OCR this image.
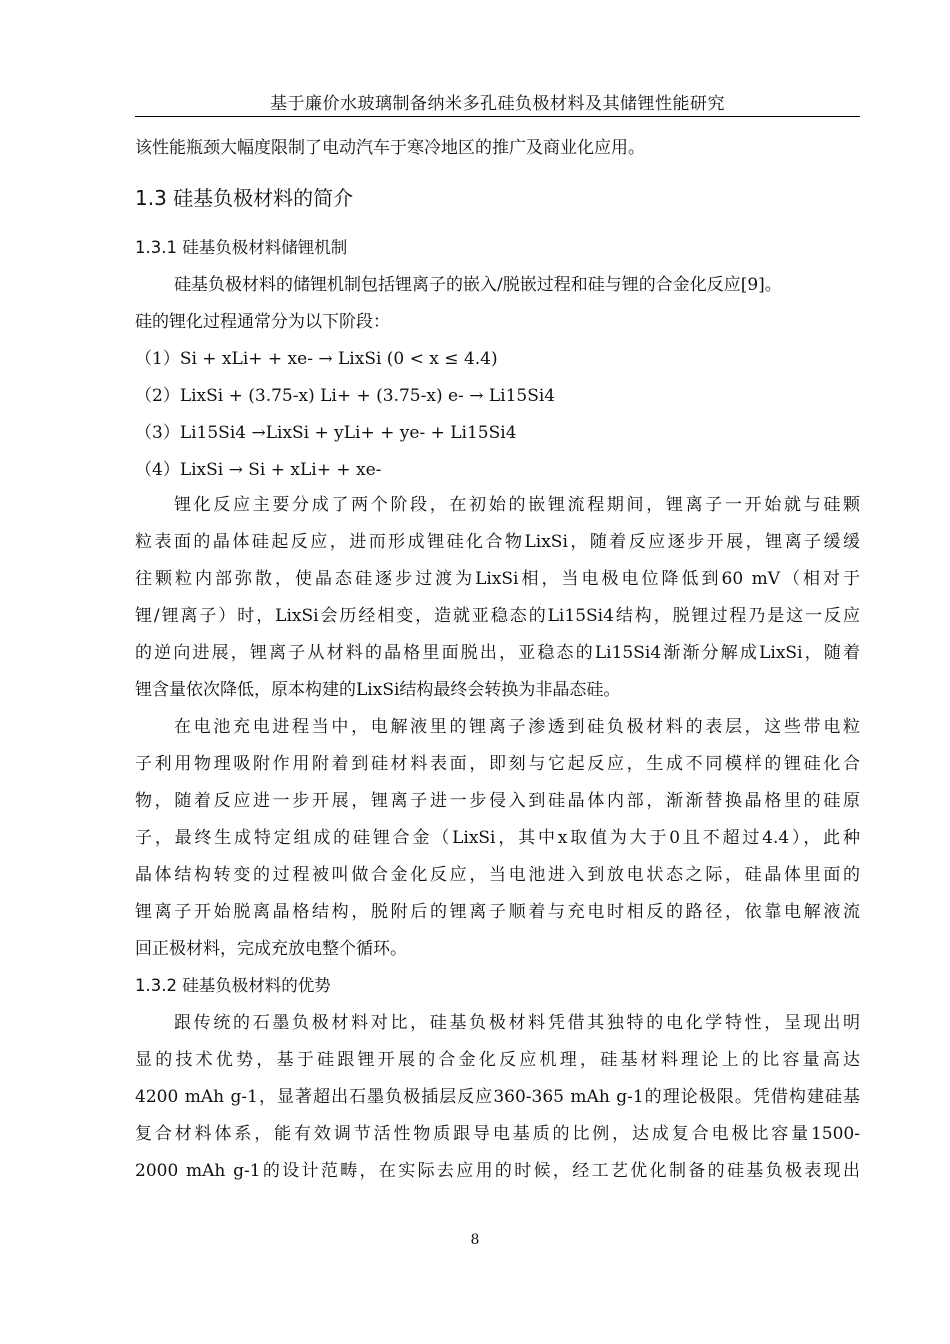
基于廉价水玻璃制备纳米多孔硅负极材料及其储锂性能研究
该性能瓶颈大幅度限制了电动汽车于寒冷地区的推广及商业化应用。
1.3 硅基负极材料的简介
1.3.1 硅基负极材料储锂机制
硅基负极材料的储锂机制包括锂离子的嵌入/脱嵌过程和硅与锂的合金化反应[9]。
硅的锂化过程通常分为以下阶段：
（1）Si + xLi+ + xe- → LixSi (0 < x ≤ 4.4)
（2）LixSi + (3.75-x) Li+ + (3.75-x) e- → Li15Si4
（3）Li15Si4 →LixSi + yLi+ + ye- + Li15Si4
（4）LixSi → Si + xLi+ + xe-
锂化反应主要分成了两个阶段，在初始的嵌锂流程期间，锂离子一开始就与硅颗
粒表面的晶体硅起反应，进而形成锂硅化合物LixSi，随着反应逐步开展，锂离子缓缓
往颗粒内部弥散，使晶态硅逐步过渡为LixSi相，当电极电位降低到60 mV（相对于
锂/锂离子）时，LixSi会历经相变，造就亚稳态的Li15Si4结构，脱锂过程乃是这一反应
的逆向进展，锂离子从材料的晶格里面脱出，亚稳态的Li15Si4渐渐分解成LixSi，随着
锂含量依次降低，原本构建的LixSi结构最终会转换为非晶态硅。
在电池充电进程当中，电解液里的锂离子渗透到硅负极材料的表层，这些带电粒
子利用物理吸附作用附着到硅材料表面，即刻与它起反应，生成不同模样的锂硅化合
物，随着反应进一步开展，锂离子进一步侵入到硅晶体内部，渐渐替换晶格里的硅原
子，最终生成特定组成的硅锂合金（LixSi，其中x取值为大于0且不超过4.4），此种
晶体结构转变的过程被叫做合金化反应，当电池进入到放电状态之际，硅晶体里面的
锂离子开始脱离晶格结构，脱附后的锂离子顺着与充电时相反的路径，依靠电解液流
回正极材料，完成充放电整个循环。
1.3.2 硅基负极材料的优势
跟传统的石墨负极材料对比，硅基负极材料凭借其独特的电化学特性，呈现出明
显的技术优势，基于硅跟锂开展的合金化反应机理，硅基材料理论上的比容量高达
4200 mAh g-1，显著超出石墨负极插层反应360-365 mAh g-1的理论极限。凭借构建硅基
复合材料体系，能有效调节活性物质跟导电基质的比例，达成复合电极比容量1500-
2000 mAh g-1的设计范畴，在实际去应用的时候，经工艺优化制备的硅基负极表现出
8
